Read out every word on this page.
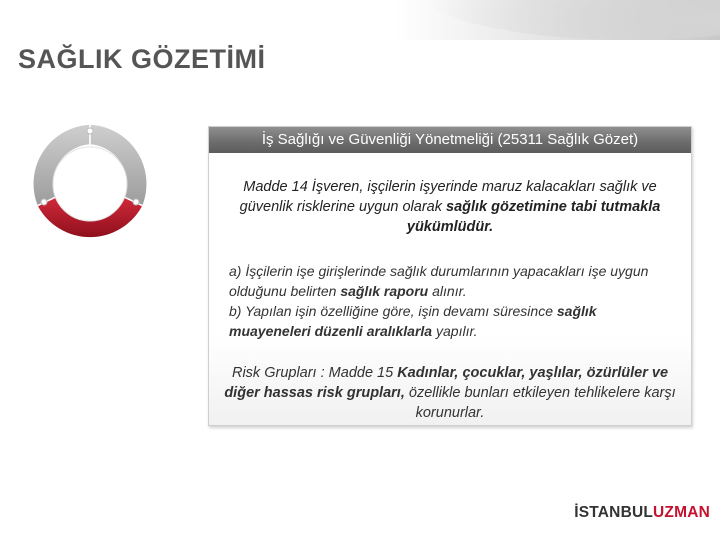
SAĞLIK GÖZETİMİ
İş Sağlığı ve Güvenliği Yönetmeliği (25311 Sağlık Gözet)

Madde 14 İşveren, işçilerin işyerinde maruz kalacakları sağlık ve güvenlik risklerine uygun olarak sağlık gözetimine tabi tutmakla yükümlüdür.

a) İşçilerin işe girişlerinde sağlık durumlarının yapacakları işe uygun olduğunu belirten sağlık raporu alınır.
b) Yapılan işin özelliğine göre, işin devamı süresince sağlık muayeneleri düzenli aralıklarla yapılır.

Risk Grupları : Madde 15 Kadınlar, çocuklar, yaşlılar, özürlüler ve diğer hassas risk grupları, özellikle bunları etkileyen tehlikelere karşı korunurlar.

İSTANBULUZMAN
